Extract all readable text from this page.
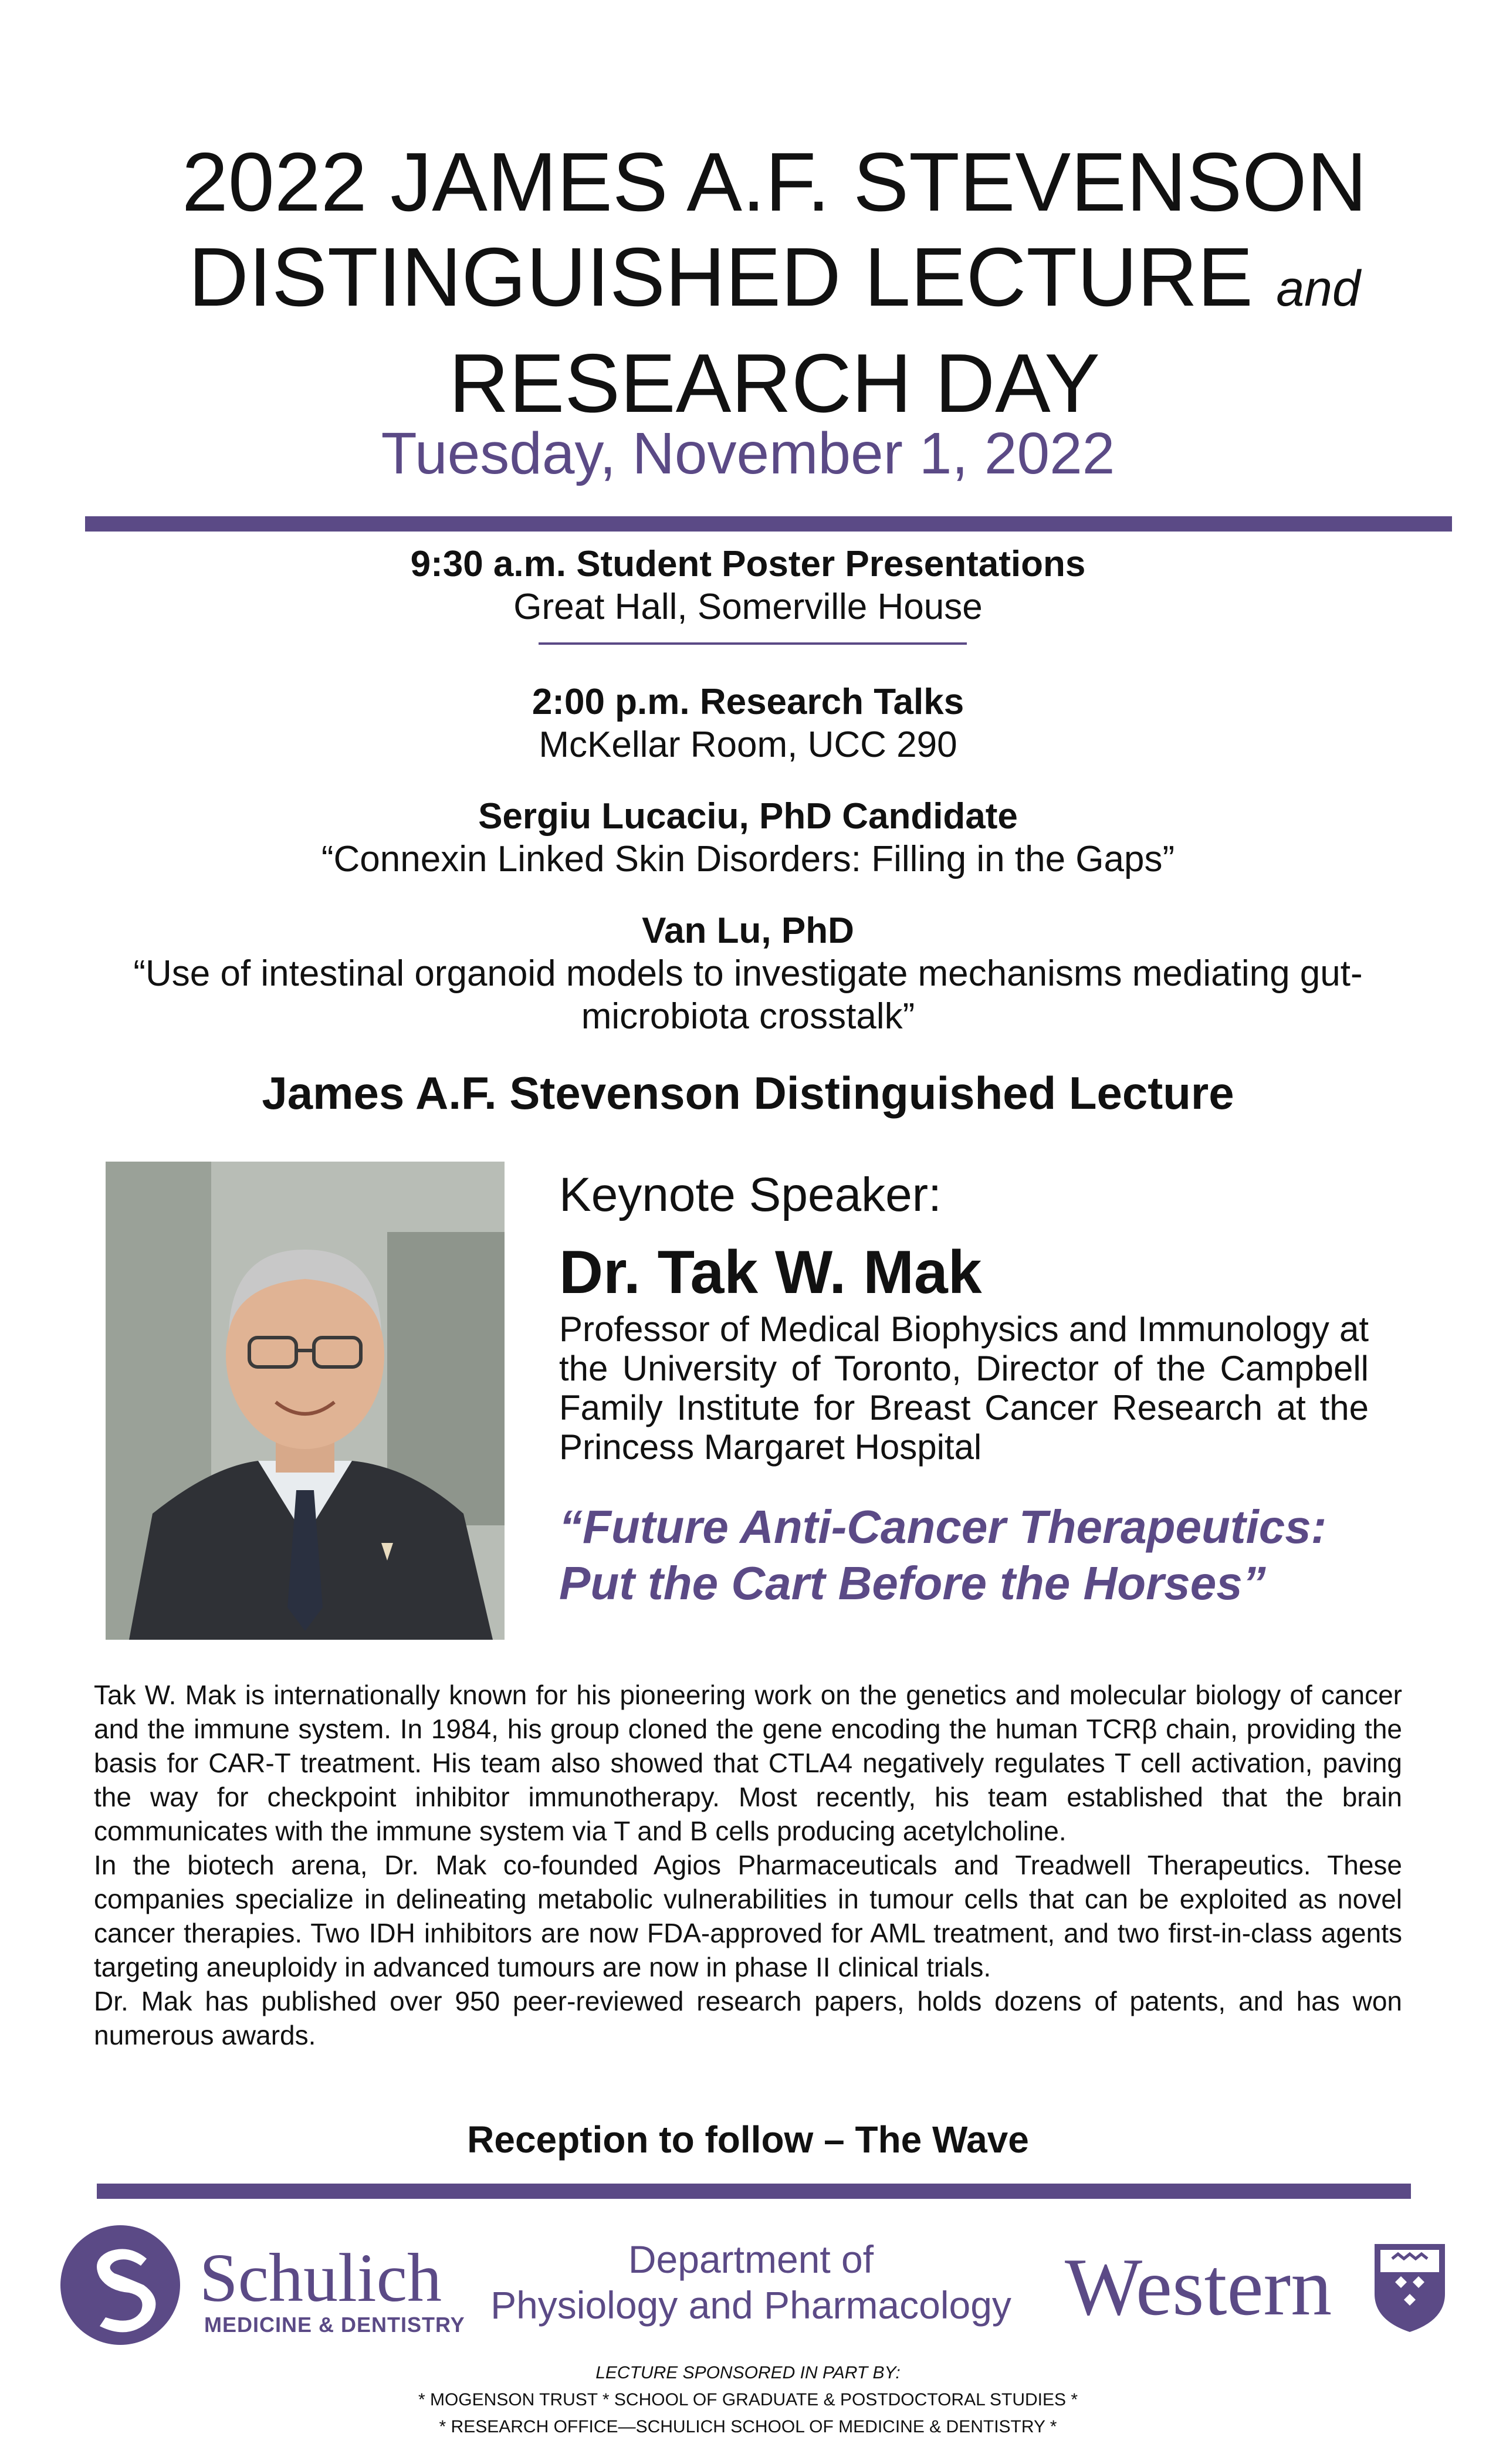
2022 JAMES A.F. STEVENSON
DISTINGUISHED LECTURE and
RESEARCH DAY
Tuesday, November 1, 2022
9:30 a.m. Student Poster Presentations
Great Hall, Somerville House
2:00 p.m. Research Talks
McKellar Room, UCC 290
Sergiu Lucaciu, PhD Candidate
“Connexin Linked Skin Disorders: Filling in the Gaps”
Van Lu, PhD
“Use of intestinal organoid models to investigate mechanisms mediating gut-
microbiota crosstalk”
James A.F. Stevenson Distinguished Lecture
Keynote Speaker:
Dr. Tak W. Mak
Professor of Medical Biophysics and Immunology at the University of Toronto, Director of the Campbell Family Institute for Breast Cancer Research at the Princess Margaret Hospital
“Future Anti-Cancer Therapeutics:
Put the Cart Before the Horses”

Tak W. Mak is internationally known for his pioneering work on the genetics and molecular biology of cancer and the immune system. In 1984, his group cloned the gene encoding the human TCRβ chain, providing the basis for CAR-T treatment. His team also showed that CTLA4 negatively regulates T cell activation, paving the way for checkpoint inhibitor immunotherapy. Most recently, his team established that the brain communicates with the immune system via T and B cells producing acetylcholine.

In the biotech arena, Dr. Mak co-founded Agios Pharmaceuticals and Treadwell Therapeutics. These companies specialize in delineating metabolic vulnerabilities in tumour cells that can be exploited as novel cancer therapies. Two IDH inhibitors are now FDA-approved for AML treatment, and two first-in-class agents targeting aneuploidy in advanced tumours are now in phase II clinical trials.

Dr. Mak has published over 950 peer-reviewed research papers, holds dozens of patents, and has won numerous awards.

Reception to follow – The Wave
Schulich
MEDICINE & DENTISTRY
Department of
Physiology and Pharmacology Western
LECTURE SPONSORED IN PART BY:
* MOGENSON TRUST * SCHOOL OF GRADUATE & POSTDOCTORAL STUDIES *
* RESEARCH OFFICE—SCHULICH SCHOOL OF MEDICINE & DENTISTRY *
